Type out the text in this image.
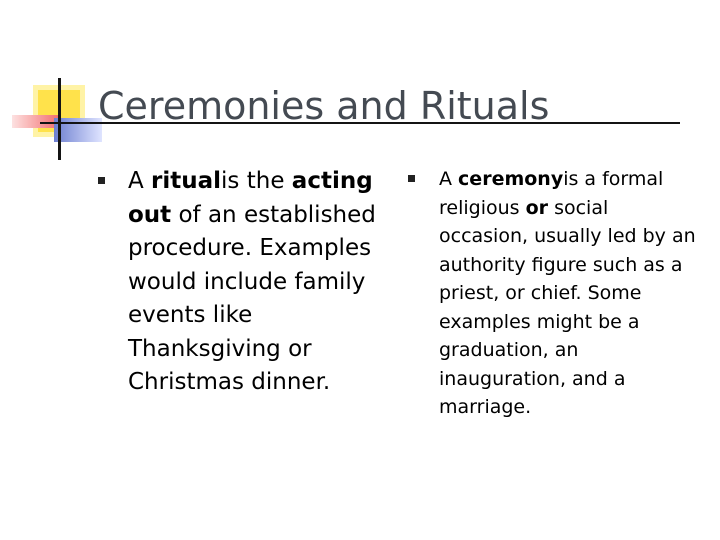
Ceremonies and Rituals
A ritualis the acting out of an established procedure. Examples would include family events like Thanksgiving or Christmas dinner.
A ceremonyis a formal religious or social occasion, usually led by an authority figure such as a priest, or chief. Some examples might be a graduation, an inauguration, and a marriage.
